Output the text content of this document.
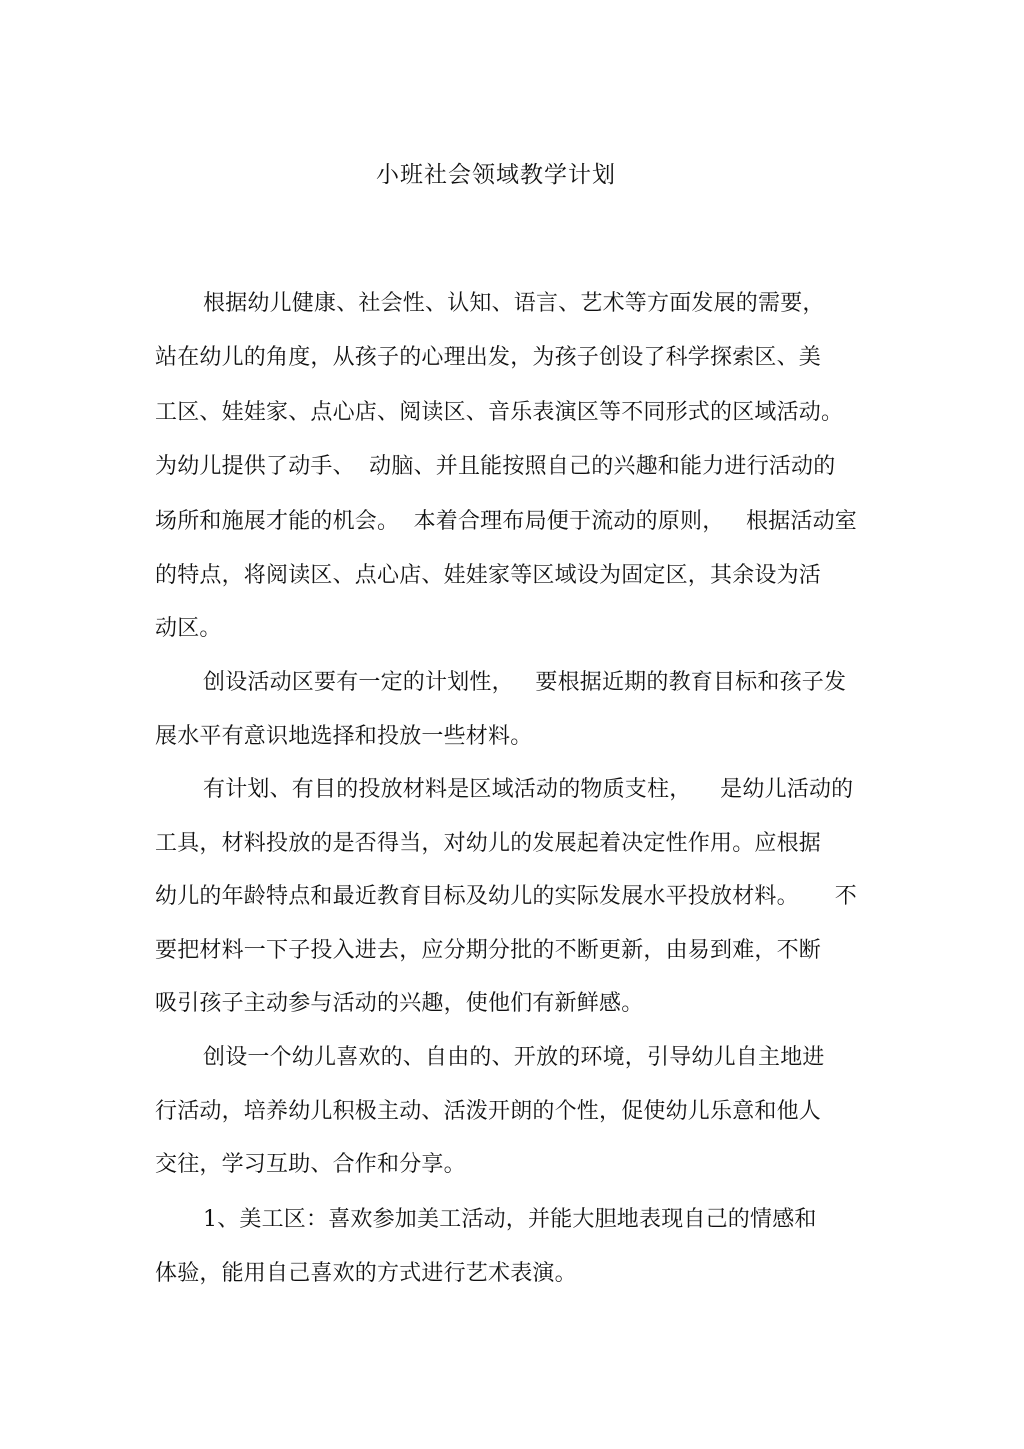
小班社会领域教学计划
根据幼儿健康、社会性、认知、语言、艺术等方面发展的需要，
站在幼儿的角度，从孩子的心理出发，为孩子创设了科学探索区、美
工区、娃娃家、点心店、阅读区、音乐表演区等不同形式的区域活动。
为幼儿提供了动手、  动脑、并且能按照自己的兴趣和能力进行活动的
场所和施展才能的机会。  本着合理布局便于流动的原则，   根据活动室
的特点，将阅读区、点心店、娃娃家等区域设为固定区，其余设为活
动区。
创设活动区要有一定的计划性，   要根据近期的教育目标和孩子发
展水平有意识地选择和投放一些材料。
有计划、有目的投放材料是区域活动的物质支柱，    是幼儿活动的
工具，材料投放的是否得当，对幼儿的发展起着决定性作用。应根据
幼儿的年龄特点和最近教育目标及幼儿的实际发展水平投放材料。     不
要把材料一下子投入进去，应分期分批的不断更新，由易到难，不断
吸引孩子主动参与活动的兴趣，使他们有新鲜感。
创设一个幼儿喜欢的、自由的、开放的环境，引导幼儿自主地进
行活动，培养幼儿积极主动、活泼开朗的个性，促使幼儿乐意和他人
交往，学习互助、合作和分享。
1、美工区：喜欢参加美工活动，并能大胆地表现自己的情感和
体验，能用自己喜欢的方式进行艺术表演。
